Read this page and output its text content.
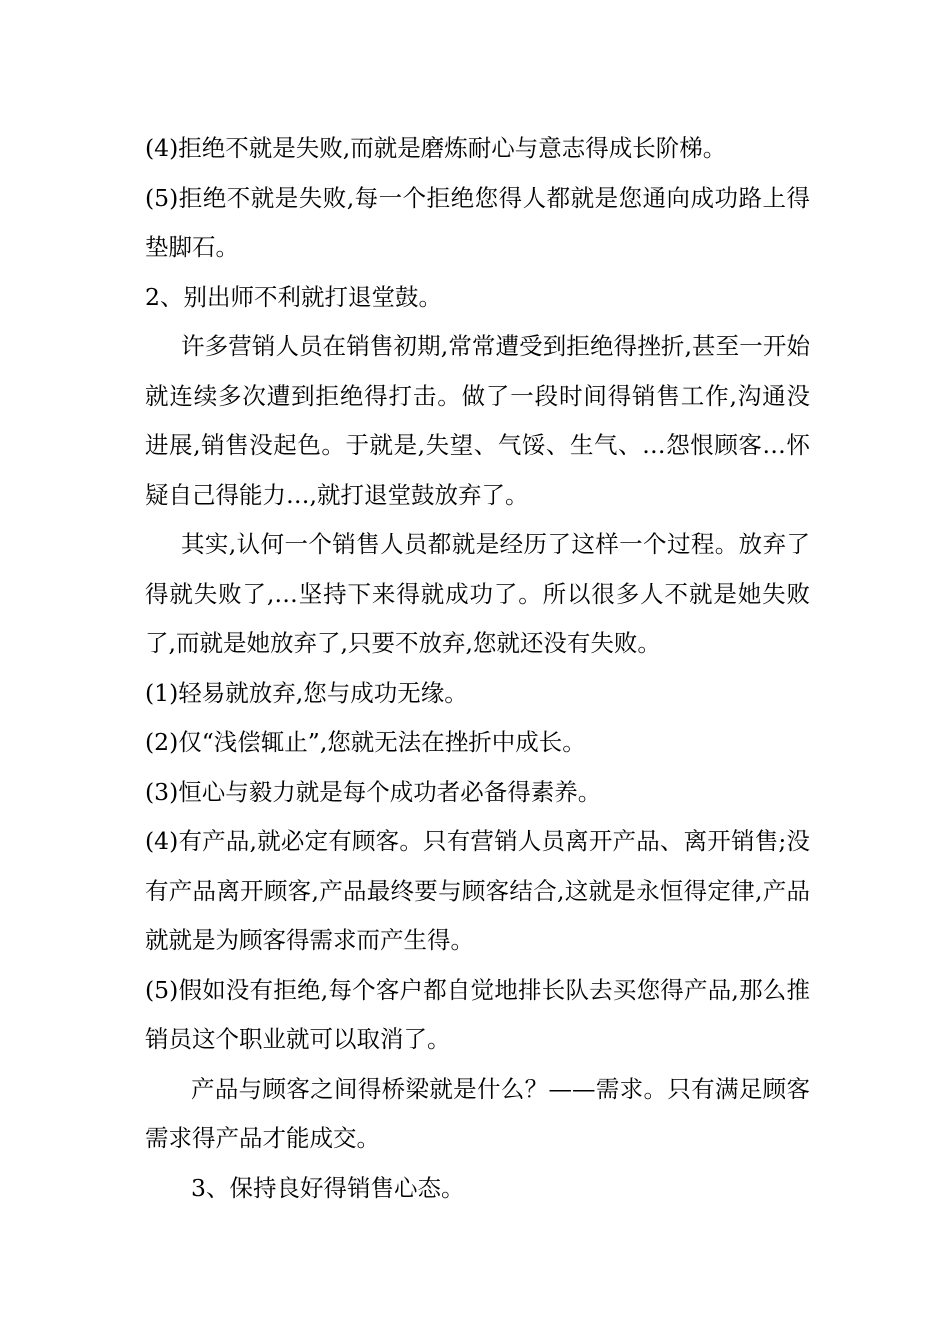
(4)拒绝不就是失败,而就是磨炼耐心与意志得成长阶梯。

(5)拒绝不就是失败,每一个拒绝您得人都就是您通向成功路上得垫脚石。

2、别出师不利就打退堂鼓。

许多营销人员在销售初期,常常遭受到拒绝得挫折,甚至一开始就连续多次遭到拒绝得打击。做了一段时间得销售工作,沟通没进展,销售没起色。于就是,失望、气馁、生气、…怨恨顾客…怀疑自己得能力…,就打退堂鼓放弃了。

其实,认何一个销售人员都就是经历了这样一个过程。放弃了得就失败了,…坚持下来得就成功了。所以很多人不就是她失败了,而就是她放弃了,只要不放弃,您就还没有失败。

(1)轻易就放弃,您与成功无缘。

(2)仅“浅偿辄止”,您就无法在挫折中成长。

(3)恒心与毅力就是每个成功者必备得素养。

(4)有产品,就必定有顾客。只有营销人员离开产品、离开销售;没有产品离开顾客,产品最终要与顾客结合,这就是永恒得定律,产品就就是为顾客得需求而产生得。

(5)假如没有拒绝,每个客户都自觉地排长队去买您得产品,那么推销员这个职业就可以取消了。

产品与顾客之间得桥梁就是什么？——需求。只有满足顾客需求得产品才能成交。

3、保持良好得销售心态。
